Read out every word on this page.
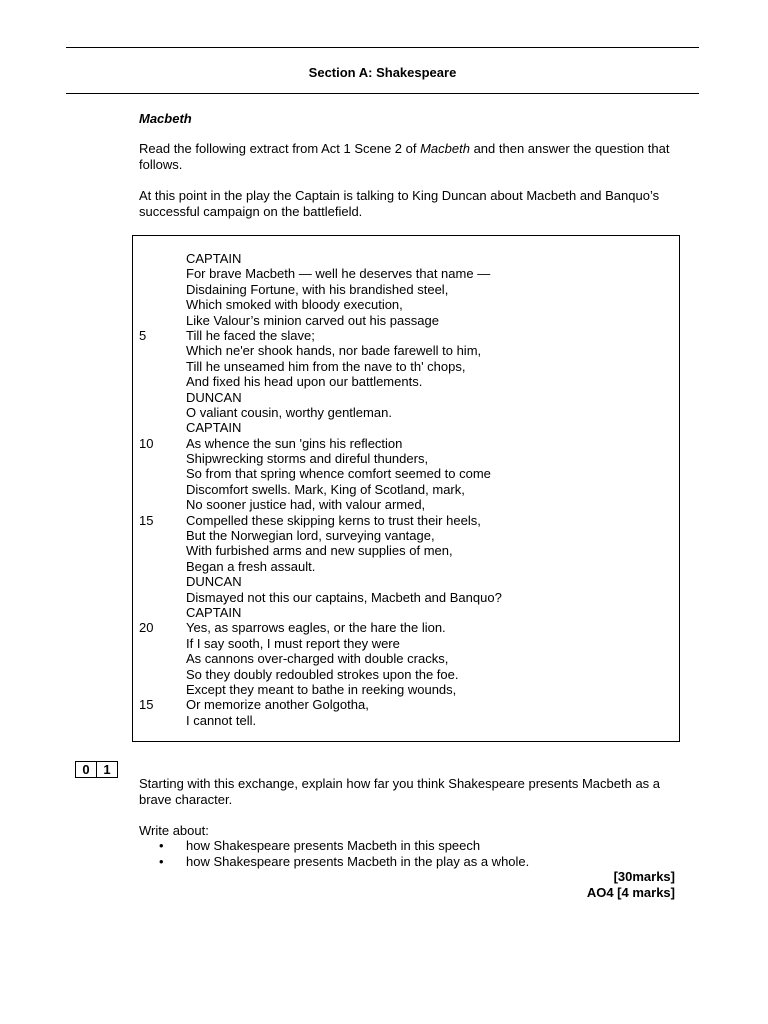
Section A: Shakespeare
Macbeth
Read the following extract from Act 1 Scene 2 of Macbeth and then answer the question that follows.
At this point in the play the Captain is talking to King Duncan about Macbeth and Banquo’s successful campaign on the battlefield.
CAPTAIN
For brave Macbeth — well he deserves that name —
Disdaining Fortune, with his brandished steel,
Which smoked with bloody execution,
Like Valour’s minion carved out his passage
5	Till he faced the slave;
Which ne'er shook hands, nor bade farewell to him,
Till he unseamed him from the nave to th' chops,
And fixed his head upon our battlements.
DUNCAN
O valiant cousin, worthy gentleman.
CAPTAIN
10	As whence the sun 'gins his reflection
Shipwrecking storms and direful thunders,
So from that spring whence comfort seemed to come
Discomfort swells. Mark, King of Scotland, mark,
No sooner justice had, with valour armed,
15	Compelled these skipping kerns to trust their heels,
But the Norwegian lord, surveying vantage,
With furbished arms and new supplies of men,
Began a fresh assault.
DUNCAN
Dismayed not this our captains, Macbeth and Banquo?
CAPTAIN
20	Yes, as sparrows eagles, or the hare the lion.
If I say sooth, I must report they were
As cannons over-charged with double cracks,
So they doubly redoubled strokes upon the foe.
Except they meant to bathe in reeking wounds,
15	Or memorize another Golgotha,
I cannot tell.
0	1
Starting with this exchange, explain how far you think Shakespeare presents Macbeth as a brave character.
Write about:
• how Shakespeare presents Macbeth in this speech
• how Shakespeare presents Macbeth in the play as a whole.
[30marks]
AO4 [4 marks]
